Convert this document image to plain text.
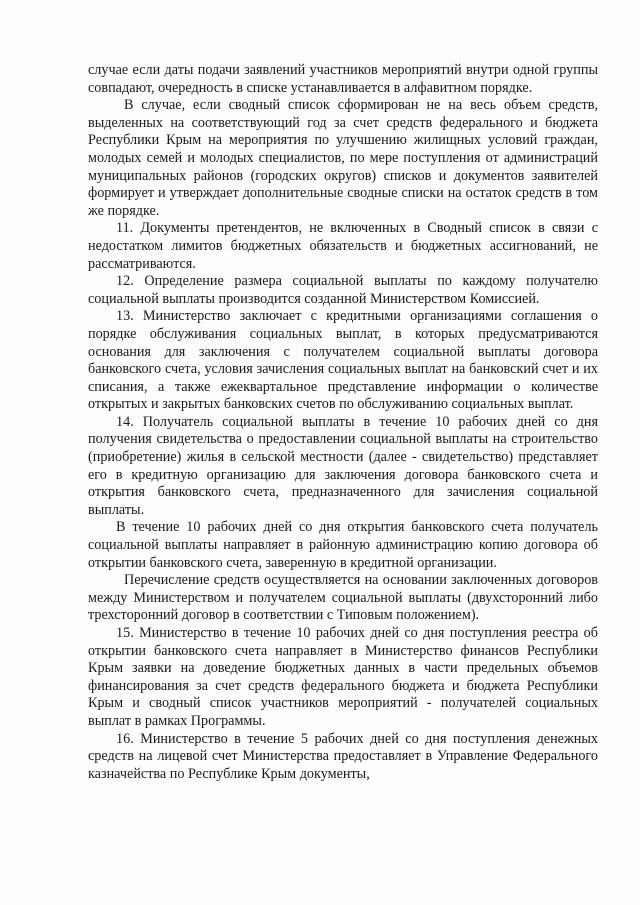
случае если даты подачи заявлений участников мероприятий внутри одной группы совпадают, очередность в списке устанавливается в алфавитном порядке.

В случае, если сводный список сформирован не на весь объем средств, выделенных на соответствующий год за счет средств федерального и бюджета Республики Крым на мероприятия по улучшению жилищных условий граждан, молодых семей и молодых специалистов, по мере поступления от администраций муниципальных районов (городских округов) списков и документов заявителей формирует и утверждает дополнительные сводные списки на остаток средств в том же порядке.

11. Документы претендентов, не включенных в Сводный список в связи с недостатком лимитов бюджетных обязательств и бюджетных ассигнований, не рассматриваются.

12. Определение размера социальной выплаты по каждому получателю социальной выплаты производится созданной Министерством Комиссией.

13. Министерство заключает с кредитными организациями соглашения о порядке обслуживания социальных выплат, в которых предусматриваются основания для заключения с получателем социальной выплаты договора банковского счета, условия зачисления социальных выплат на банковский счет и их списания, а также ежеквартальное представление информации о количестве открытых и закрытых банковских счетов по обслуживанию социальных выплат.

14. Получатель социальной выплаты в течение 10 рабочих дней со дня получения свидетельства о предоставлении социальной выплаты на строительство (приобретение) жилья в сельской местности (далее - свидетельство) представляет его в кредитную организацию для заключения договора банковского счета и открытия банковского счета, предназначенного для зачисления социальной выплаты.

В течение 10 рабочих дней со дня открытия банковского счета получатель социальной выплаты направляет в районную администрацию копию договора об открытии банковского счета, заверенную в кредитной организации.

Перечисление средств осуществляется на основании заключенных договоров между Министерством и получателем социальной выплаты (двухсторонний либо трехсторонний договор в соответствии с Типовым положением).

15. Министерство в течение 10 рабочих дней со дня поступления реестра об открытии банковского счета направляет в Министерство финансов Республики Крым заявки на доведение бюджетных данных в части предельных объемов финансирования за счет средств федерального бюджета и бюджета Республики Крым и сводный список участников мероприятий - получателей социальных выплат в рамках Программы.

16. Министерство в течение 5 рабочих дней со дня поступления денежных средств на лицевой счет Министерства предоставляет в Управление Федерального казначейства по Республике Крым документы,
